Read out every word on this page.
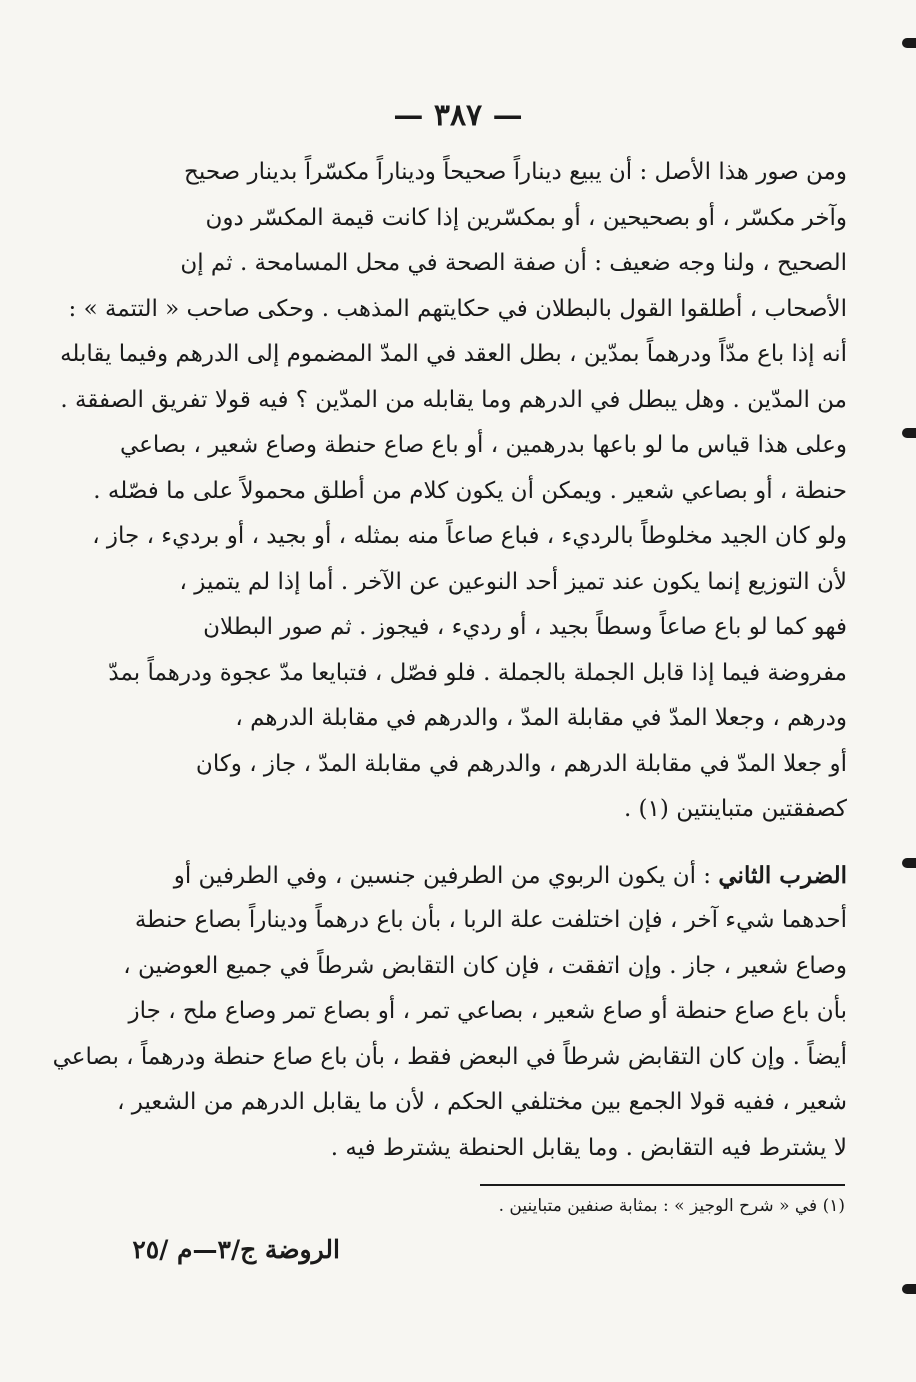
— ٣٨٧ —
ومن صور هذا الأصل : أن يبيع ديناراً صحيحاً وديناراً مكسّراً بدينار صحيح
وآخر مكسّر ، أو بصحيحين ، أو بمكسّرين إذا كانت قيمة المكسّر دون
الصحيح ، ولنا وجه ضعيف : أن صفة الصحة في محل المسامحة . ثم إن
الأصحاب ، أطلقوا القول بالبطلان في حكايتهم المذهب . وحكى صاحب « التتمة » :
أنه إذا باع مدّاً ودرهماً بمدّين ، بطل العقد في المدّ المضموم إلى الدرهم وفيما يقابله
من المدّين . وهل يبطل في الدرهم وما يقابله من المدّين ؟ فيه قولا تفريق الصفقة .
وعلى هذا قياس ما لو باعها بدرهمين ، أو باع صاع حنطة وصاع شعير ، بصاعي
حنطة ، أو بصاعي شعير . ويمكن أن يكون كلام من أطلق محمولاً على ما فصّله .
ولو كان الجيد مخلوطاً بالرديء ، فباع صاعاً منه بمثله ، أو بجيد ، أو برديء ، جاز ،
لأن التوزيع إنما يكون عند تميز أحد النوعين عن الآخر . أما إذا لم يتميز ،
فهو كما لو باع صاعاً وسطاً بجيد ، أو رديء ، فيجوز . ثم صور البطلان
مفروضة فيما إذا قابل الجملة بالجملة . فلو فصّل ، فتبايعا مدّ عجوة ودرهماً بمدّ
ودرهم ، وجعلا المدّ في مقابلة المدّ ، والدرهم في مقابلة الدرهم ،
أو جعلا المدّ في مقابلة الدرهم ، والدرهم في مقابلة المدّ ، جاز ، وكان
كصفقتين متباينتين (١) .
الضرب الثاني : أن يكون الربوي من الطرفين جنسين ، وفي الطرفين أو
أحدهما شيء آخر ، فإن اختلفت علة الربا ، بأن باع درهماً وديناراً بصاع حنطة
وصاع شعير ، جاز . وإن اتفقت ، فإن كان التقابض شرطاً في جميع العوضين ،
بأن باع صاع حنطة أو صاع شعير ، بصاعي تمر ، أو بصاع تمر وصاع ملح ، جاز
أيضاً . وإن كان التقابض شرطاً في البعض فقط ، بأن باع صاع حنطة ودرهماً ، بصاعي
شعير ، ففيه قولا الجمع بين مختلفي الحكم ، لأن ما يقابل الدرهم من الشعير ،
لا يشترط فيه التقابض . وما يقابل الحنطة يشترط فيه .
(١) في « شرح الوجيز » : بمثابة صنفين متباينين .
الروضة ج/٣—م /٢٥
